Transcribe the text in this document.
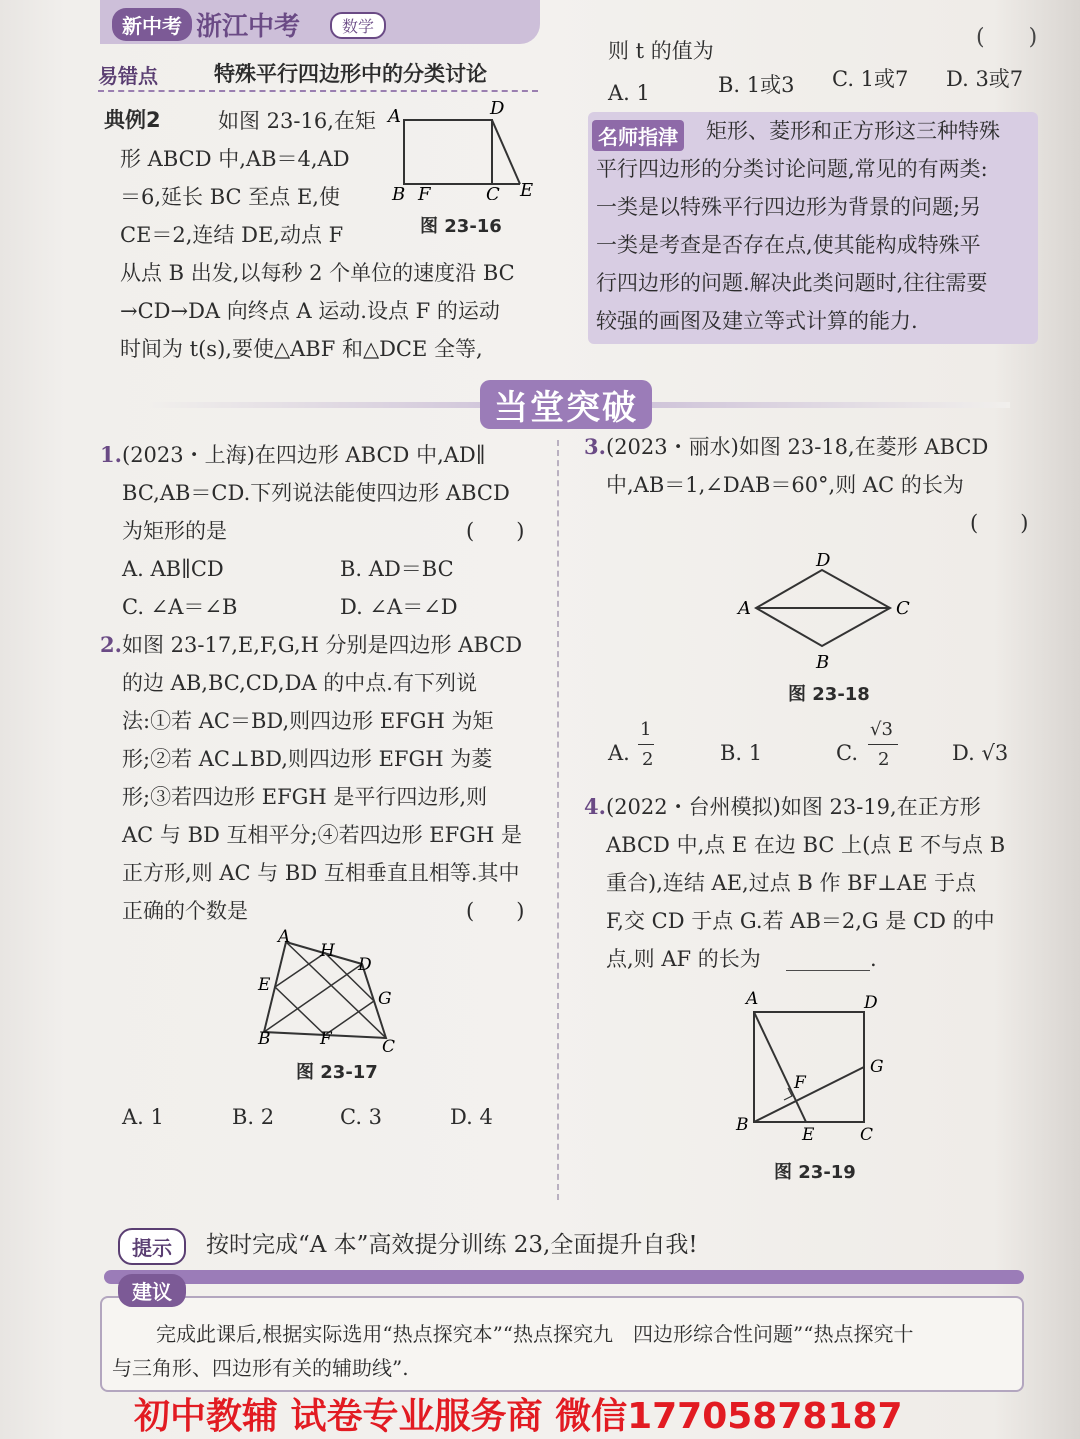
新中考 浙江中考	数学
易错点	特殊平行四边形中的分类讨论
典例2	如图 23-16,在矩
形 ABCD 中,AB＝4,AD
＝6,延长 BC 至点 E,使
CE＝2,连结 DE,动点 F
从点 B 出发,以每秒 2 个单位的速度沿 BC
→CD→DA 向终点 A 运动.设点 F 的运动
时间为 t(s),要使△ABF 和△DCE 全等,
A	D
B F	C E
图 23-16
(　　)
则 t 的值为
A. 1	B. 1或3 C. 1或7 D. 3或7
名师指津 矩形、菱形和正方形这三种特殊
平行四边形的分类讨论问题,常见的有两类:
一类是以特殊平行四边形为背景的问题;另
一类是考查是否存在点,使其能构成特殊平
行四边形的问题.解决此类问题时,往往需要
较强的画图及建立等式计算的能力.
当堂突破
1. (2023・上海)在四边形 ABCD 中,AD∥
BC,AB＝CD.下列说法能使四边形 ABCD
为矩形的是	(　　)
A. AB∥CD	B. AD＝BC
C. ∠A＝∠B	D. ∠A＝∠D
2. 如图 23-17,E,F,G,H 分别是四边形 ABCD
的边 AB,BC,CD,DA 的中点.有下列说
法:①若 AC＝BD,则四边形 EFGH 为矩
形;②若 AC⊥BD,则四边形 EFGH 为菱
形;③若四边形 EFGH 是平行四边形,则
AC 与 BD 互相平分;④若四边形 EFGH 是
正方形,则 AC 与 BD 互相垂直且相等.其中
正确的个数是	(　　)
A
H
D
E
G
B	F	C
图 23-17
A. 1	B. 2	C. 3	D. 4
3. (2023・丽水)如图 23-18,在菱形 ABCD
中,AB＝1,∠DAB＝60°,则 AC 的长为
(　　)
D
A	C
B
图 23-18
A.
1
2	B. 1	C.
√3
2	D. √3
4. (2022・台州模拟)如图 23-19,在正方形
ABCD 中,点 E 在边 BC 上(点 E 不与点 B
重合),连结 AE,过点 B 作 BF⊥AE 于点
F,交 CD 于点 G.若 AB＝2,G 是 CD 的中
点,则 AF 的长为 ________.
A	D
G
F
B	E	C
图 23-19
提示	按时完成“A 本”高效提分训练 23,全面提升自我!
建议
完成此课后,根据实际选用“热点探究本”“热点探究九　四边形综合性问题”“热点探究十
与三角形、四边形有关的辅助线”.
初中教辅 试卷专业服务商 微信17705878187
